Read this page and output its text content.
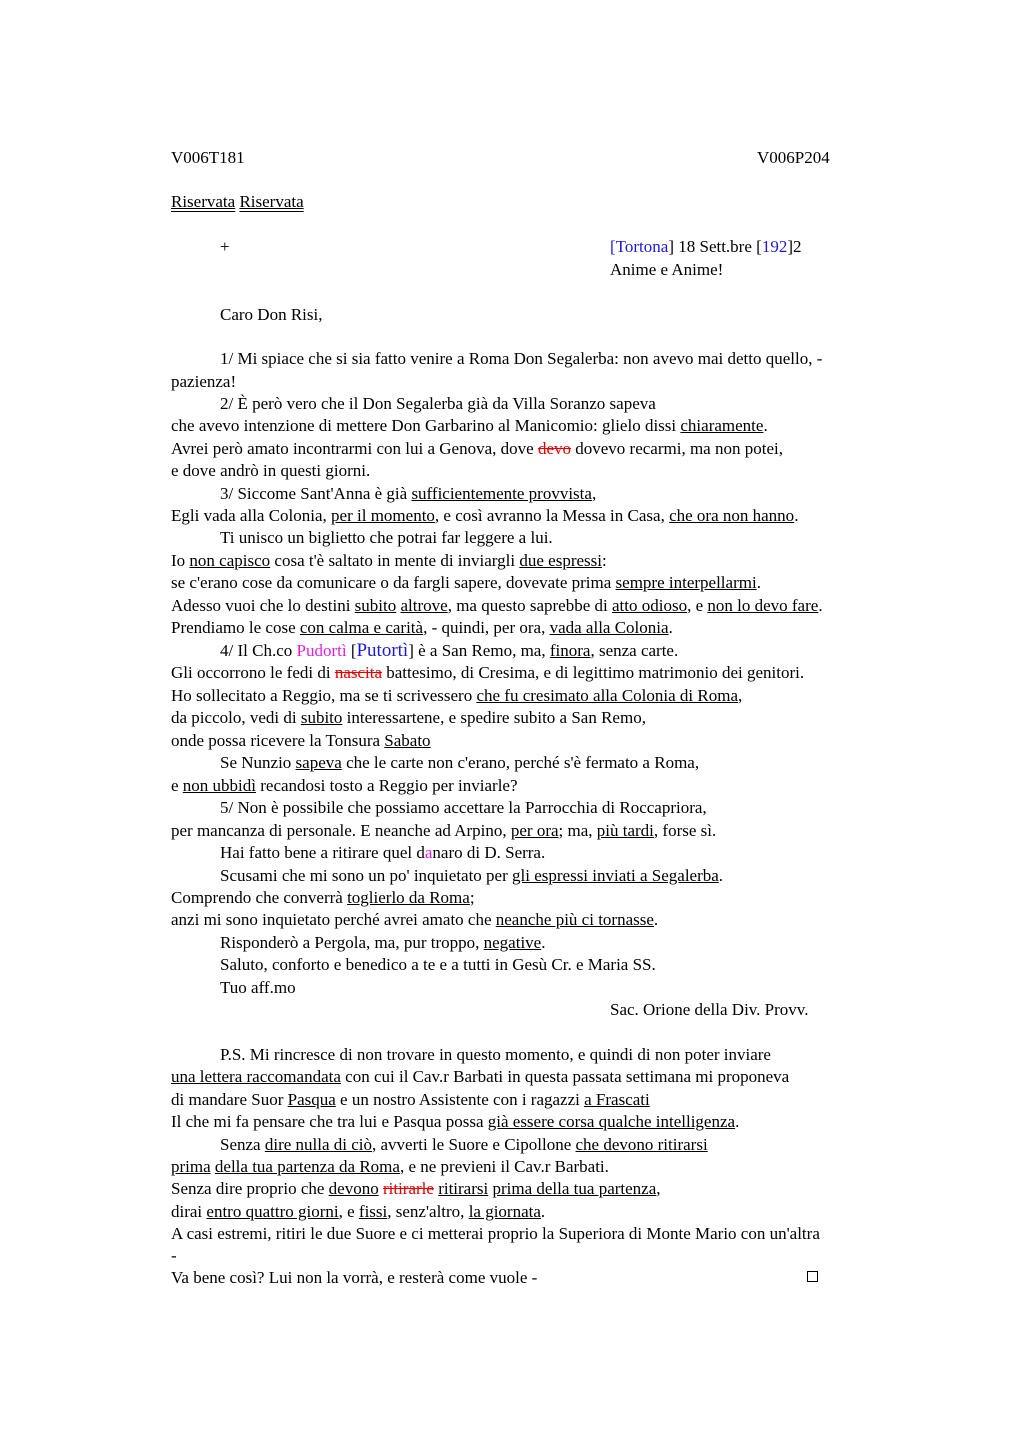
V006T181	V006P204
Riservata Riservata
+	[Tortona] 18 Sett.bre [192]2
Anime e Anime!
Caro Don Risi,
1/ Mi spiace che si sia fatto venire a Roma Don Segalerba: non avevo mai detto quello, -
pazienza!
2/ È però vero che il Don Segalerba già da Villa Soranzo sapeva
che avevo intenzione di mettere Don Garbarino al Manicomio: glielo dissi chiaramente.
Avrei però amato incontrarmi con lui a Genova, dove devo dovevo recarmi, ma non potei,
e dove andrò in questi giorni.
3/ Siccome Sant'Anna è già sufficientemente provvista,
Egli vada alla Colonia, per il momento, e così avranno la Messa in Casa, che ora non hanno.
Ti unisco un biglietto che potrai far leggere a lui.
Io non capisco cosa t'è saltato in mente di inviargli due espressi:
se c'erano cose da comunicare o da fargli sapere, dovevate prima sempre interpellarmi.
Adesso vuoi che lo destini subito altrove, ma questo saprebbe di atto odioso, e non lo devo fare.
Prendiamo le cose con calma e carità, - quindi, per ora, vada alla Colonia.
4/ Il Ch.co Pudortì [Putortì] è a San Remo, ma, finora, senza carte.
Gli occorrono le fedi di nascita battesimo, di Cresima, e di legittimo matrimonio dei genitori.
Ho sollecitato a Reggio, ma se ti scrivessero che fu cresimato alla Colonia di Roma,
da piccolo, vedi di subito interessartene, e spedire subito a San Remo,
onde possa ricevere la Tonsura Sabato
Se Nunzio sapeva che le carte non c'erano, perché s'è fermato a Roma,
e non ubbidì recandosi tosto a Reggio per inviarle?
5/ Non è possibile che possiamo accettare la Parrocchia di Roccapriora,
per mancanza di personale. E neanche ad Arpino, per ora; ma, più tardi, forse sì.
Hai fatto bene a ritirare quel danaro di D. Serra.
Scusami che mi sono un po' inquietato per gli espressi inviati a Segalerba.
Comprendo che converrà toglierlo da Roma;
anzi mi sono inquietato perché avrei amato che neanche più ci tornasse.
Risponderò a Pergola, ma, pur troppo, negative.
Saluto, conforto e benedico a te e a tutti in Gesù Cr. e Maria SS.
Tuo aff.mo
Sac. Orione della Div. Provv.
P.S. Mi rincresce di non trovare in questo momento, e quindi di non poter inviare
una lettera raccomandata con cui il Cav.r Barbati in questa passata settimana mi proponeva
di mandare Suor Pasqua e un nostro Assistente con i ragazzi a Frascati
Il che mi fa pensare che tra lui e Pasqua possa già essere corsa qualche intelligenza.
Senza dire nulla di ciò, avverti le Suore e Cipollone che devono ritirarsi
prima della tua partenza da Roma, e ne previeni il Cav.r Barbati.
Senza dire proprio che devono ritirarle ritirarsi prima della tua partenza,
dirai entro quattro giorni, e fissi, senz'altro, la giornata.
A casi estremi, ritiri le due Suore e ci metterai proprio la Superiora di Monte Mario con un'altra
-
Va bene così? Lui non la vorrà, e resterà come vuole -
